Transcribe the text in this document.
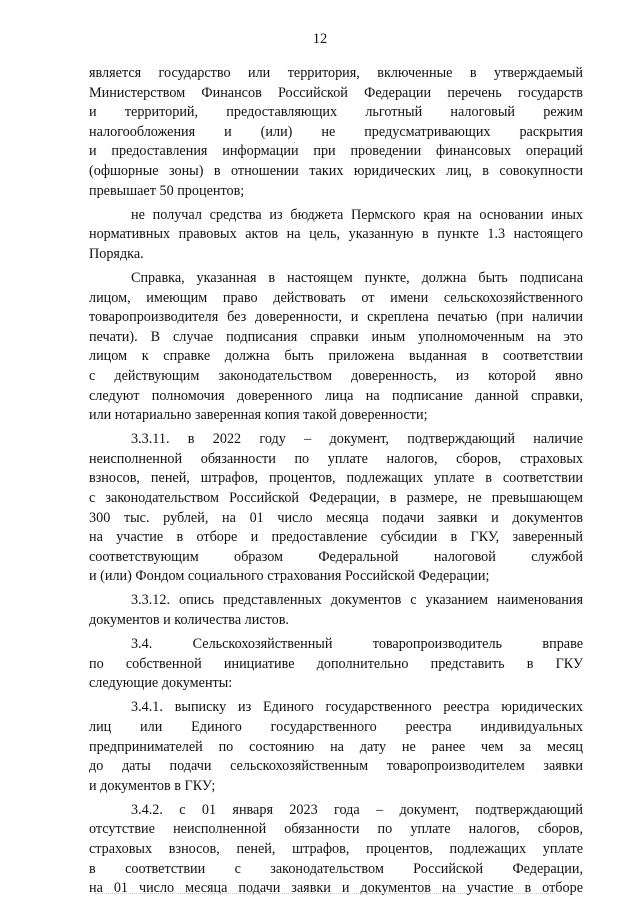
12

является государство или территория, включенные в утверждаемый
Министерством Финансов Российской Федерации перечень государств
и территорий, предоставляющих льготный налоговый режим
налогообложения и (или) не предусматривающих раскрытия
и предоставления информации при проведении финансовых операций
(офшорные зоны) в отношении таких юридических лиц, в совокупности
превышает 50 процентов;

не получал средства из бюджета Пермского края на основании иных
нормативных правовых актов на цель, указанную в пункте 1.3 настоящего
Порядка.

Справка, указанная в настоящем пункте, должна быть подписана
лицом, имеющим право действовать от имени сельскохозяйственного
товаропроизводителя без доверенности, и скреплена печатью (при наличии
печати). В случае подписания справки иным уполномоченным на это
лицом к справке должна быть приложена выданная в соответствии
с действующим законодательством доверенность, из которой явно
следуют полномочия доверенного лица на подписание данной справки,
или нотариально заверенная копия такой доверенности;

3.3.11. в 2022 году – документ, подтверждающий наличие
неисполненной обязанности по уплате налогов, сборов, страховых
взносов, пеней, штрафов, процентов, подлежащих уплате в соответствии
с законодательством Российской Федерации, в размере, не превышающем
300 тыс. рублей, на 01 число месяца подачи заявки и документов
на участие в отборе и предоставление субсидии в ГКУ, заверенный
соответствующим образом Федеральной налоговой службой
и (или) Фондом социального страхования Российской Федерации;

3.3.12. опись представленных документов с указанием наименования
документов и количества листов.

3.4. Сельскохозяйственный товаропроизводитель вправе
по собственной инициативе дополнительно представить в ГКУ
следующие документы:

3.4.1. выписку из Единого государственного реестра юридических
лиц или Единого государственного реестра индивидуальных
предпринимателей по состоянию на дату не ранее чем за месяц
до даты подачи сельскохозяйственным товаропроизводителем заявки
и документов в ГКУ;

3.4.2. с 01 января 2023 года – документ, подтверждающий
отсутствие неисполненной обязанности по уплате налогов, сборов,
страховых взносов, пеней, штрафов, процентов, подлежащих уплате
в соответствии с законодательством Российской Федерации,
на 01 число месяца подачи заявки и документов на участие в отборе
